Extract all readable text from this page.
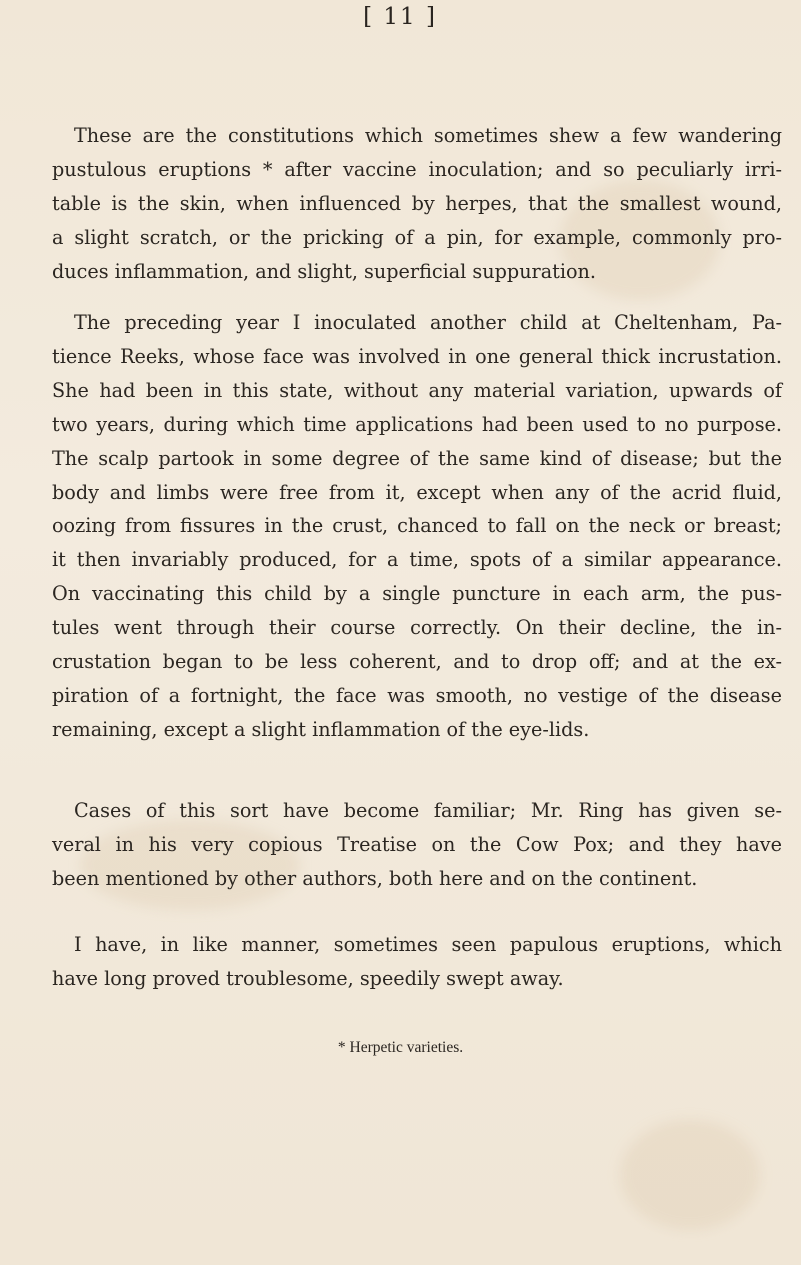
[ 11 ]
These are the constitutions which sometimes shew a few wandering
pustulous eruptions * after vaccine inoculation; and so peculiarly irri-
table is the skin, when influenced by herpes, that the smallest wound,
a slight scratch, or the pricking of a pin, for example, commonly pro-
duces inflammation, and slight, superficial suppuration.
The preceding year I inoculated another child at Cheltenham, Pa-
tience Reeks, whose face was involved in one general thick incrustation.
She had been in this state, without any material variation, upwards of
two years, during which time applications had been used to no purpose.
The scalp partook in some degree of the same kind of disease; but the
body and limbs were free from it, except when any of the acrid fluid,
oozing from fissures in the crust, chanced to fall on the neck or breast;
it then invariably produced, for a time, spots of a similar appearance.
On vaccinating this child by a single puncture in each arm, the pus-
tules went through their course correctly. On their decline, the in-
crustation began to be less coherent, and to drop off; and at the ex-
piration of a fortnight, the face was smooth, no vestige of the disease
remaining, except a slight inflammation of the eye-lids.
Cases of this sort have become familiar; Mr. Ring has given se-
veral in his very copious Treatise on the Cow Pox; and they have
been mentioned by other authors, both here and on the continent.
I have, in like manner, sometimes seen papulous eruptions, which
have long proved troublesome, speedily swept away.
* Herpetic varieties.
